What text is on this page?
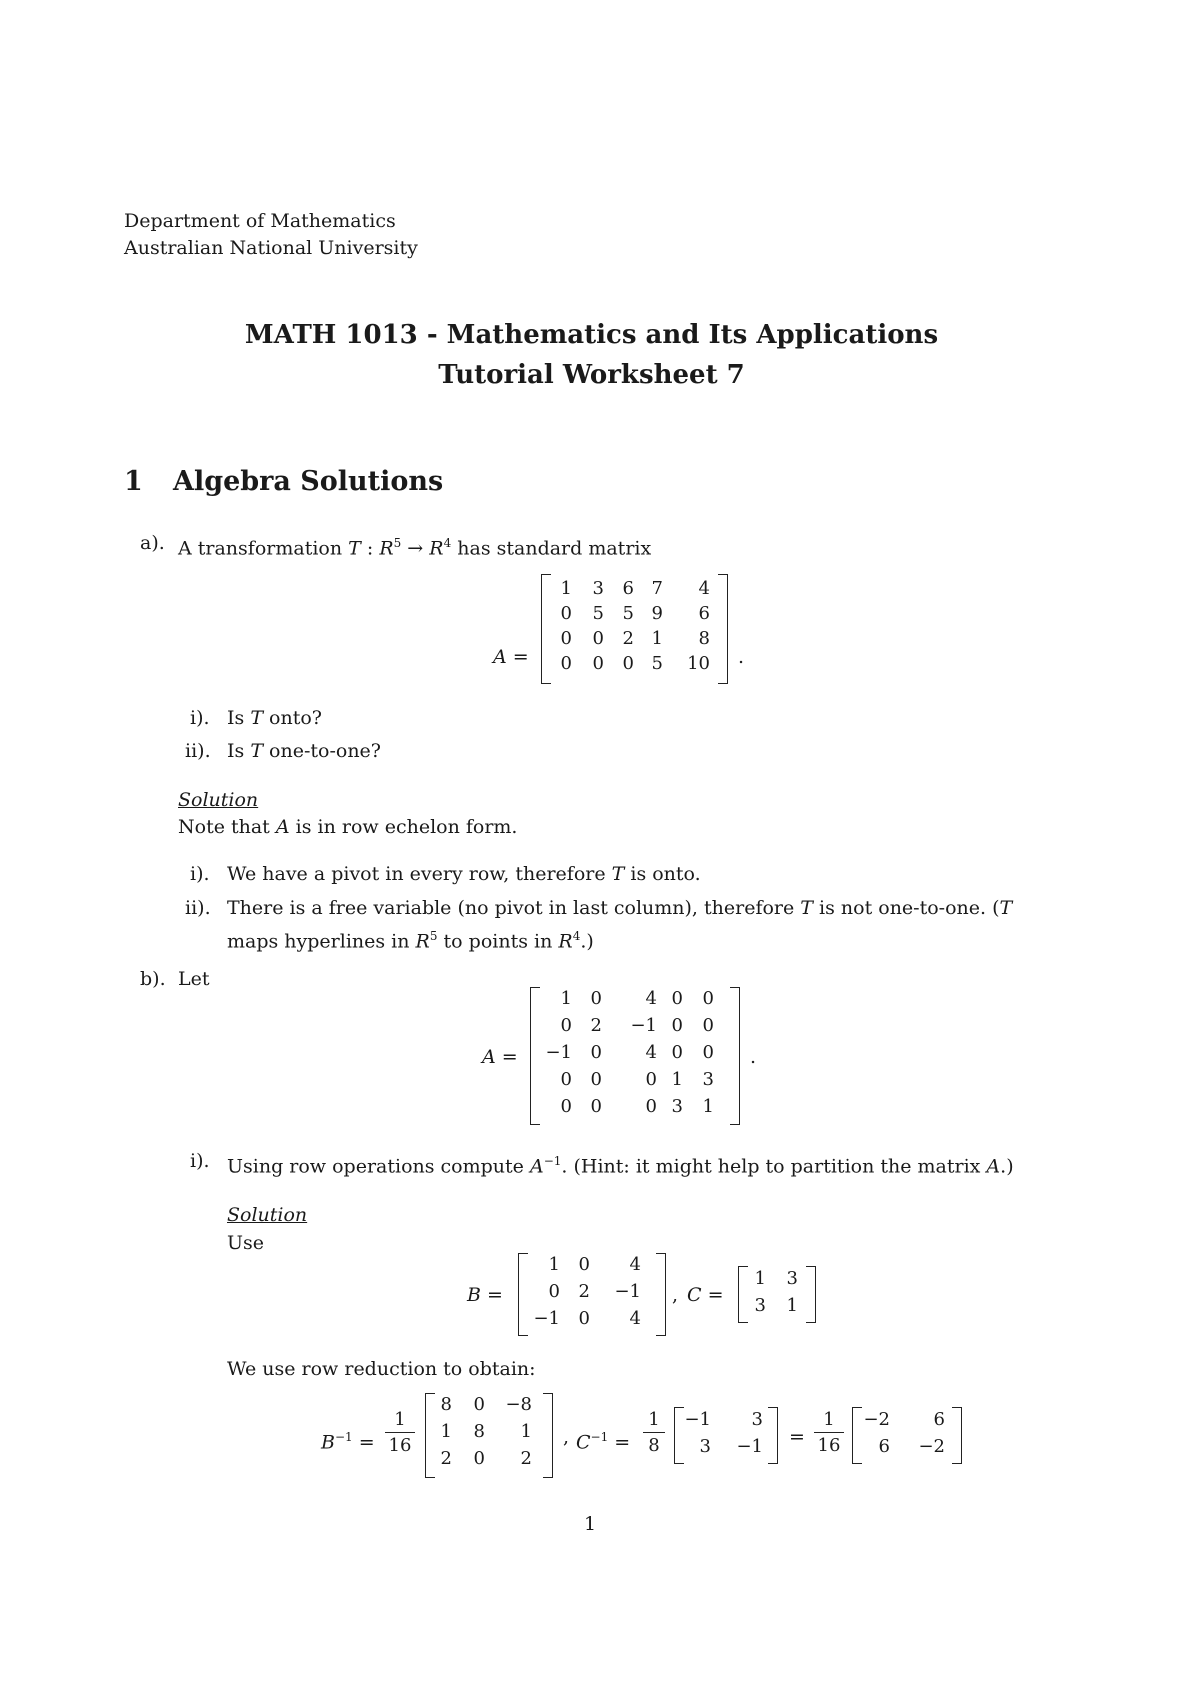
Department of Mathematics
Australian National University
MATH 1013 - Mathematics and Its Applications
Tutorial Worksheet 7
1 Algebra Solutions
a). A transformation T : $R^5 \to R^4$ has standard matrix
A =
1	3	6 7	4
0	5	5 9	6
0	0	2 1	8
0	0	0 5	10 .
i). Is T onto?
ii). Is T one-to-one?
Solution
Note that A is in row echelon form.
i). We have a pivot in every row, therefore T is onto.
ii). There is a free variable (no pivot in last column), therefore T is not one-to-one. (T
maps hyperlines in $R^5$ to points in $R^4$.)
b). Let
A =
1	0	4 0	0
0	2	−1 0	0
−1	0	4 0	0
0	0	0 1	3
0	0	0 3	1
.
i). Using row operations compute $A^{-1}$. (Hint: it might help to partition the matrix A.)
Solution
Use
B =
1	0	4
0	2	−1
−1	0	4
, C =
1	3
3	1
We use row reduction to obtain:
$B^{-1}$ =
1
16
8	0	−8
1	8	1
2	0	2
, $C^{-1}$ =
1
8
−1	3
3	−1 =
1
16
−2	6
6	−2
1
